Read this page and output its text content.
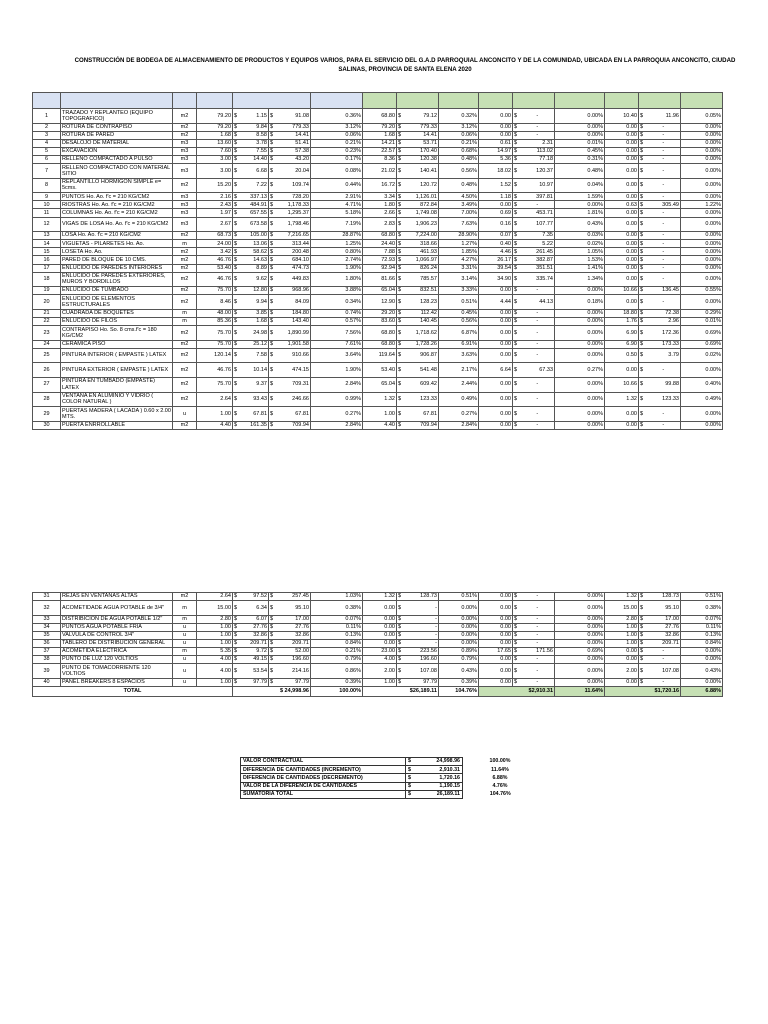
CONSTRUCCIÓN DE BODEGA DE ALMACENAMIENTO DE PRODUCTOS Y EQUIPOS VARIOS, PARA EL SERVICIO DEL G.A.D PARROQUIAL ANCONCITO Y DE LA COMUNIDAD, UBICADA EN LA PARROQUIA ANCONCITO, CIUDAD SALINAS, PROVINCIA DE SANTA ELENA 2020

1	TRAZADO Y REPLANTEO (EQUIPO TOPOGRAFICO)	m2	79.20	$	1.15	$	91.08	0.36%	68.80	$	79.12	0.32%	0.00	$	-	0.00%	10.40	$	11.96	0.05%
2	ROTURA DE CONTRAPISO	m2	79.20	$	9.84	$	779.33	3.12%	79.20	$	779.33	3.12%	0.00	$	-	0.00%	0.00	$	-	0.00%
3	ROTURA DE PARED	m2	1.68	$	8.58	$	14.41	0.06%	1.68	$	14.41	0.06%	0.00	$	-	0.00%	0.00	$	-	0.00%
4	DESALOJO DE MATERIAL	m3	13.60	$	3.78	$	51.41	0.21%	14.21	$	53.71	0.21%	0.61	$	2.31	0.01%	0.00	$	-	0.00%
5	EXCAVACION	m3	7.60	$	7.55	$	57.38	0.23%	22.57	$	170.40	0.68%	14.97	$	113.02	0.45%	0.00	$	-	0.00%
6	RELLENO COMPACTADO A PULSO	m3	3.00	$	14.40	$	43.20	0.17%	8.36	$	120.38	0.48%	5.36	$	77.18	0.31%	0.00	$	-	0.00%
7	RELLENO COMPACTADO CON MATERIAL SITIO	m3	3.00	$	6.68	$	20.04	0.08%	21.02	$	140.41	0.56%	18.02	$	120.37	0.48%	0.00	$	-	0.00%
8	REPLANTILLO HORMIGON SIMPLE e= 5cms.	m2	15.20	$	7.22	$	109.74	0.44%	16.72	$	120.72	0.48%	1.52	$	10.97	0.04%	0.00	$	-	0.00%
9	PUNTOS Ho. Ao. f'c = 210 KG/CM2	m3	2.16	$	337.13	$	728.20	2.91%	3.34	$	1,126.01	4.50%	1.18	$	397.81	1.59%	0.00	$	-	0.00%
10	RIOSTRAS Ho. Ao. f'c = 210 KG/CM2	m3	2.43	$	484.91	$	1,178.33	4.71%	1.80	$	872.84	3.49%	0.00	$	-	0.00%	0.63	$	305.49	1.22%
11	COLUMNAS Ho. Ao. f'c = 210 KG/CM2	m3	1.97	$	657.55	$	1,295.37	5.18%	2.66	$	1,749.08	7.00%	0.69	$	453.71	1.81%	0.00	$	-	0.00%
12	VIGAS DE LOSA Ho. Ao. f'c = 210 KG/CM2	m3	2.67	$	673.58	$	1,798.46	7.19%	2.83	$	1,906.23	7.63%	0.16	$	107.77	0.43%	0.00	$	-	0.00%
13	LOSA Ho. Ao. f'c = 210 KG/CM2	m2	68.73	$	105.00	$	7,216.65	28.87%	68.80	$	7,224.00	28.90%	0.07	$	7.35	0.03%	0.00	$	-	0.00%
14	VIGUETAS - PILARETES Ho. Ao.	m	24.00	$	13.06	$	313.44	1.25%	24.40	$	318.66	1.27%	0.40	$	5.22	0.02%	0.00	$	-	0.00%
15	LOSETA Ho. Ao.	m2	3.42	$	58.62	$	200.48	0.80%	7.88	$	461.93	1.85%	4.46	$	261.45	1.05%	0.00	$	-	0.00%
16	PARED DE BLOQUE DE 10 CMS.	m2	46.76	$	14.63	$	684.10	2.74%	72.93	$	1,066.97	4.27%	26.17	$	382.87	1.53%	0.00	$	-	0.00%
17	ENLUCIDO DE PAREDES INTERIORES	m2	53.40	$	8.89	$	474.73	1.90%	92.94	$	826.24	3.31%	39.54	$	351.51	1.41%	0.00	$	-	0.00%
18	ENLUCIDO DE PAREDES EXTERIORES, MUROS Y BORDILLOS	m2	46.76	$	9.62	$	449.83	1.80%	81.66	$	785.57	3.14%	34.90	$	335.74	1.34%	0.00	$	-	0.00%
19	ENLUCIDO DE TUMBADO	m2	75.70	$	12.80	$	968.96	3.88%	65.04	$	832.51	3.33%	0.00	$	-	0.00%	10.66	$	136.45	0.55%
20	ENLUCIDO DE ELEMENTOS ESTRUCTURALES	m2	8.46	$	9.94	$	84.09	0.34%	12.90	$	128.23	0.51%	4.44	$	44.13	0.18%	0.00	$	-	0.00%
21	CUADRADA DE BOQUETES	m	48.00	$	3.85	$	184.80	0.74%	29.20	$	112.42	0.45%	0.00	$	-	0.00%	18.80	$	72.38	0.29%
22	ENLUCIDO DE FILOS	m	85.36	$	1.68	$	143.40	0.57%	83.60	$	140.45	0.56%	0.00	$	-	0.00%	1.76	$	2.96	0.01%
23	CONTRAPISO Ho. So. 8 cms.f'c = 180 KG/CM2	m2	75.70	$	24.98	$	1,890.99	7.56%	68.80	$	1,718.62	6.87%	0.00	$	-	0.00%	6.90	$	172.36	0.69%
24	CERAMICA PISO	m2	75.70	$	25.12	$	1,901.58	7.61%	68.80	$	1,728.26	6.91%	0.00	$	-	0.00%	6.90	$	173.33	0.69%
25	PINTURA INTERIOR ( EMPASTE ) LATEX	m2	120.14	$	7.58	$	910.66	3.64%	119.64	$	906.87	3.63%	0.00	$	-	0.00%	0.50	$	3.79	0.02%
26	PINTURA EXTERIOR ( EMPASTE ) LATEX	m2	46.76	$	10.14	$	474.15	1.90%	53.40	$	541.48	2.17%	6.64	$	67.33	0.27%	0.00	$	-	0.00%
27	PINTURA EN TUMBADO (EMPASTE) LATEX	m2	75.70	$	9.37	$	709.31	2.84%	65.04	$	609.42	2.44%	0.00	$	-	0.00%	10.66	$	99.88	0.40%
28	VENTANA EN ALUMINIO Y VIDRIO ( COLOR NATURAL )	m2	2.64	$	93.43	$	246.66	0.99%	1.32	$	123.33	0.49%	0.00	$	-	0.00%	1.32	$	123.33	0.49%
29	PUERTAS MADERA ( LACADA ) 0.60 x 2.00 MTS.	u	1.00	$	67.81	$	67.81	0.27%	1.00	$	67.81	0.27%	0.00	$	-	0.00%	0.00	$	-	0.00%
30	PUERTA ENRROLLABLE	m2	4.40	$	161.35	$	709.94	2.84%	4.40	$	709.94	2.84%	0.00	$	-	0.00%	0.00	$	-	0.00%
31	REJAS EN VENTANAS ALTAS	m2	2.64	$	97.52	$	257.45	1.03%	1.32	$	128.73	0.51%	0.00	$	-	0.00%	1.32	$	128.73	0.51%
32	ACOMETIDADE AGUA POTABLE de 3/4"	m	15.00	$	6.34	$	95.10	0.38%	0.00	$	-	0.00%	0.00	$	-	0.00%	15.00	$	95.10	0.38%
33	DISTRIBICION DE AGUA POTABLE 1/2"	m	2.80	$	6.07	$	17.00	0.07%	0.00	$	-	0.00%	0.00	$	-	0.00%	2.80	$	17.00	0.07%
34	PUNTOS AGUA POTABLE FRIA	u	1.00	$	27.76	$	27.76	0.11%	0.00	$	-	0.00%	0.00	$	-	0.00%	1.00	$	27.76	0.11%
35	VALVULA DE CONTROL 3/4"	u	1.00	$	32.86	$	32.86	0.13%	0.00	$	-	0.00%	0.00	$	-	0.00%	1.00	$	32.86	0.13%
36	TABLERO DE DISTRIBUCION GENERAL	u	1.00	$	209.71	$	209.71	0.84%	0.00	$	-	0.00%	0.00	$	-	0.00%	1.00	$	209.71	0.84%
37	ACOMETIDA ELECTRICA	m	5.35	$	9.72	$	52.00	0.21%	23.00	$	223.56	0.89%	17.65	$	171.56	0.69%	0.00	$	-	0.00%
38	PUNTO DE LUZ 120 VOLTIOS	u	4.00	$	49.15	$	196.60	0.79%	4.00	$	196.60	0.79%	0.00	$	-	0.00%	0.00	$	-	0.00%
39	PUNTO DE TOMACORRIENTE 120 VOLTIOS	u	4.00	$	53.54	$	214.16	0.86%	2.00	$	107.08	0.43%	0.00	$	-	0.00%	2.00	$	107.08	0.43%
40	PANEL BREAKERS 8 ESPACIOS	u	1.00	$	97.79	$	97.79	0.39%	1.00	$	97.79	0.39%	0.00	$	-	0.00%	0.00	$	-	0.00%
TOTAL				$ 24,998.96				100.00%	$26,189.11			104.76%	$2,910.31			11.64%	$1,720.16			6.88%
VALOR CONTRACTUAL	$	24,998.96	100.00%
DIFERENCIA DE CANTIDADES (INCREMENTO)	$	2,910.31	11.64%
DIFERENCIA DE CANTIDADES (DECREMENTO)	$	1,720.16	6.88%
VALOR DE LA DIFERENCIA DE CANTIDADES	$	1,190.15	4.76%
SUMATORIA TOTAL	$	26,189.11	104.76%
